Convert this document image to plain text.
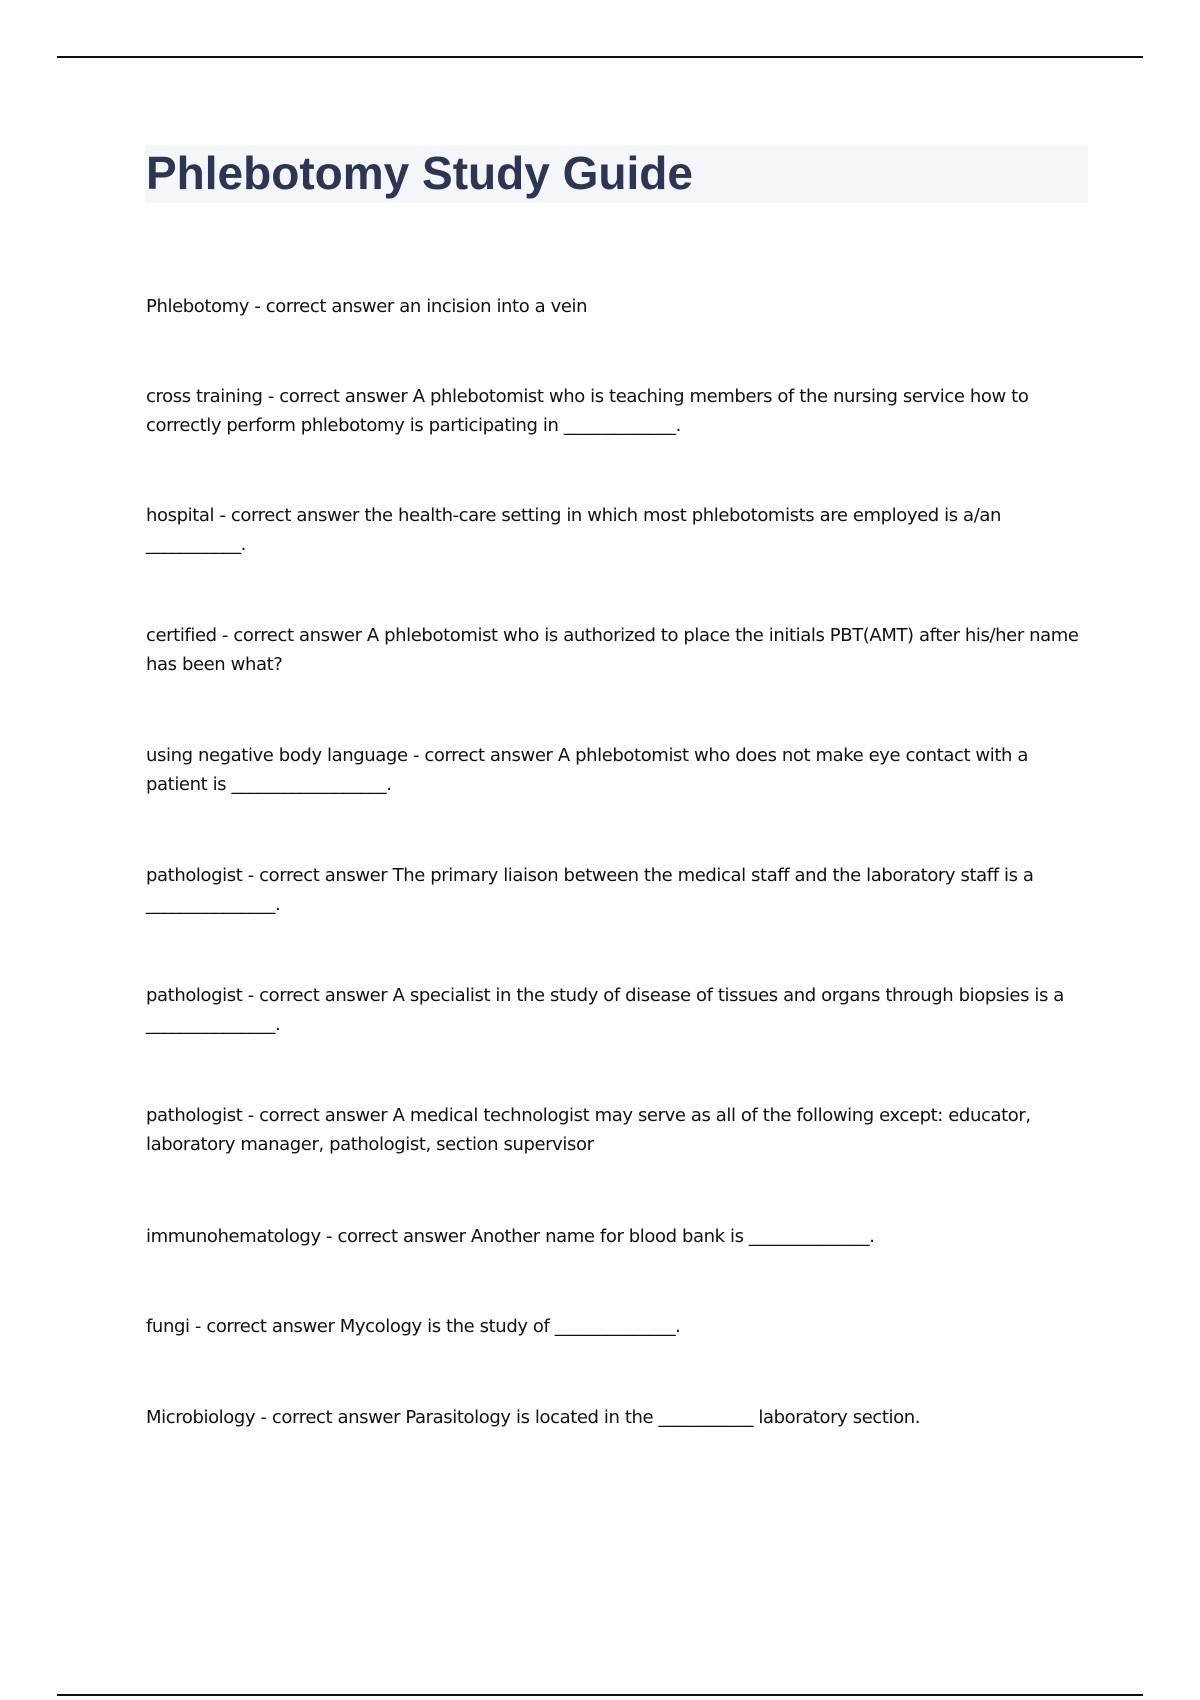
Phlebotomy Study Guide
Phlebotomy - correct answer an incision into a vein
cross training - correct answer A phlebotomist who is teaching members of the nursing service how to correctly perform phlebotomy is participating in _____________.
hospital - correct answer the health-care setting in which most phlebotomists are employed is a/an ___________.
certified - correct answer A phlebotomist who is authorized to place the initials PBT(AMT) after his/her name has been what?
using negative body language - correct answer A phlebotomist who does not make eye contact with a patient is __________________.
pathologist - correct answer The primary liaison between the medical staff and the laboratory staff is a _______________.
pathologist - correct answer A specialist in the study of disease of tissues and organs through biopsies is a _______________.
pathologist - correct answer A medical technologist may serve as all of the following except: educator, laboratory manager, pathologist, section supervisor
immunohematology - correct answer Another name for blood bank is ______________.
fungi - correct answer Mycology is the study of ______________.
Microbiology - correct answer Parasitology is located in the ___________ laboratory section.
